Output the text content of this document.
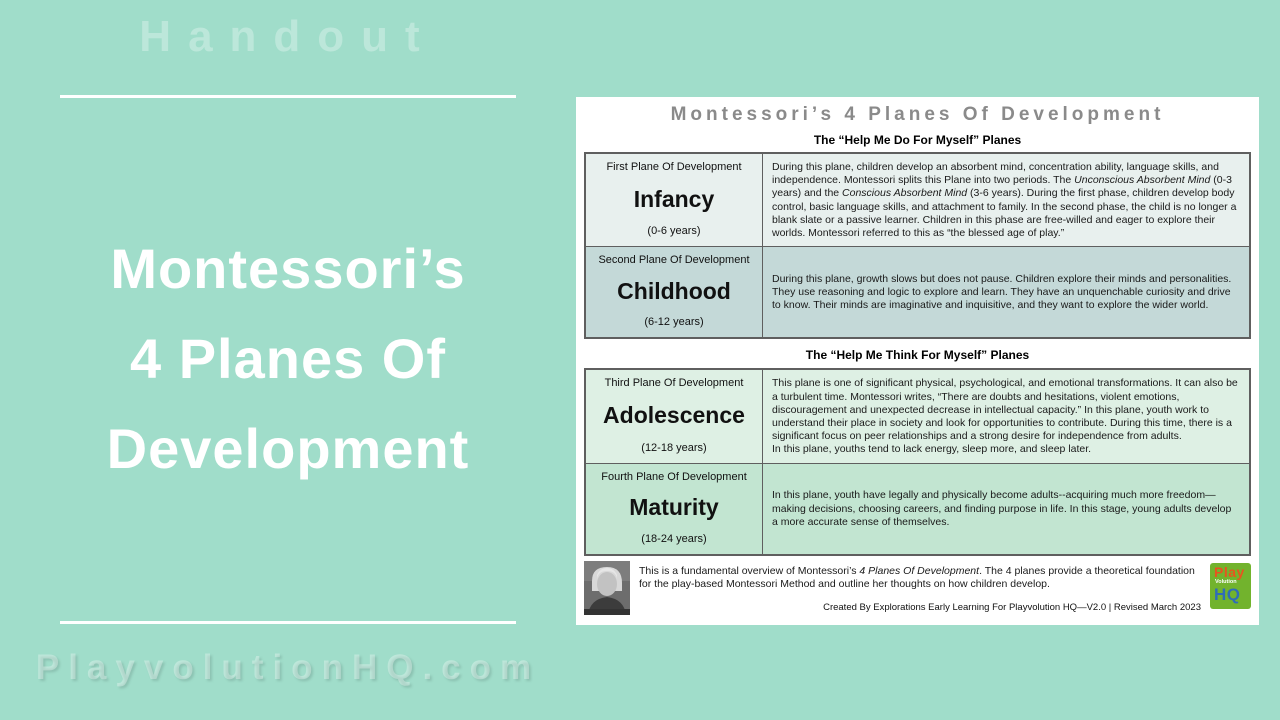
Handout
Montessori’s
4 Planes Of
Development
PlayvolutionHQ.com
Montessori’s 4 Planes Of Development
The “Help Me Do For Myself” Planes
First Plane Of Development
Infancy
(0-6 years)
During this plane, children develop an absorbent mind, concentration ability, language skills, and independence. Montessori splits this Plane into two periods. The Unconscious Absorbent Mind (0-3 years) and the Conscious Absorbent Mind (3-6 years). During the first phase, children develop body control, basic language skills, and attachment to family. In the second phase, the child is no longer a blank slate or a passive learner. Children in this phase are free-willed and eager to explore their worlds. Montessori referred to this as “the blessed age of play.”
Second Plane Of Development
Childhood
(6-12 years)
During this plane, growth slows but does not pause. Children explore their minds and personalities. They use reasoning and logic to explore and learn. They have an unquenchable curiosity and drive to know. Their minds are imaginative and inquisitive, and they want to explore the wider world.
The “Help Me Think For Myself” Planes
Third Plane Of Development
Adolescence
(12-18 years)
This plane is one of significant physical, psychological, and emotional transformations. It can also be a turbulent time. Montessori writes, “There are doubts and hesitations, violent emotions, discouragement and unexpected decrease in intellectual capacity.” In this plane, youth work to understand their place in society and look for opportunities to contribute. During this time, there is a significant focus on peer relationships and a strong desire for independence from adults.
In this plane, youths tend to lack energy, sleep more, and sleep later.
Fourth Plane Of Development
Maturity
(18-24 years)
In this plane, youth have legally and physically become adults--acquiring much more freedom—making decisions, choosing careers, and finding purpose in life. In this stage, young adults develop a more accurate sense of themselves.
This is a fundamental overview of Montessori’s 4 Planes Of Development. The 4 planes provide a theoretical foundation for the play-based Montessori Method and outline her thoughts on how children develop.
Created By Explorations Early Learning For Playvolution HQ—V2.0 | Revised March 2023
Play
Volution
HQ
